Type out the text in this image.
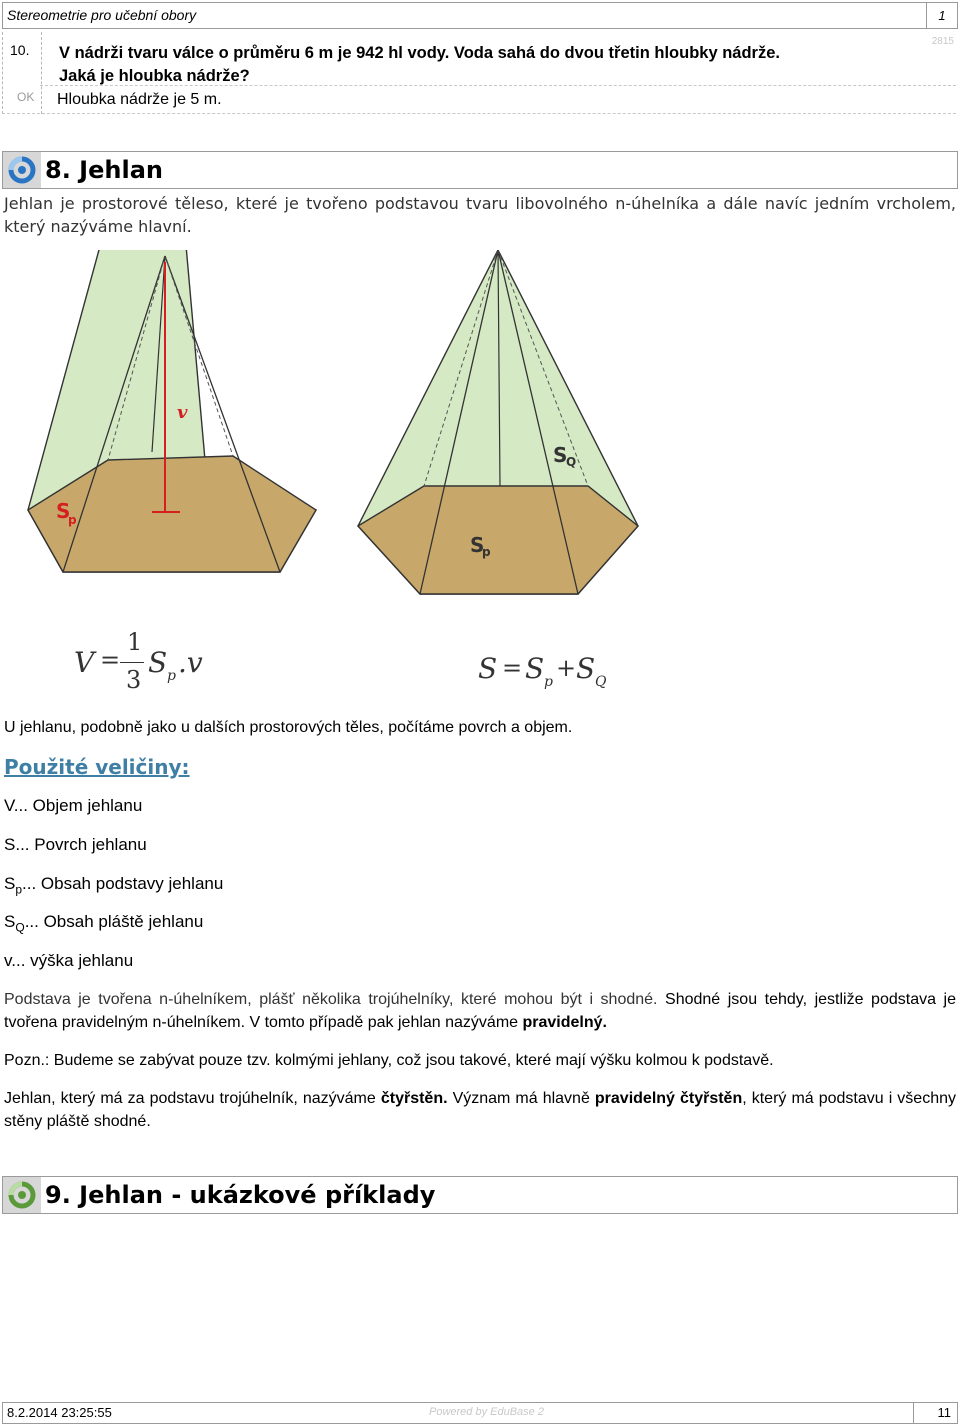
Stereometrie pro učební obory	1
10.
OK
V nádrži tvaru válce o průměru 6 m je 942 hl vody. Voda sahá do dvou třetin hloubky nádrže.
Jaká je hloubka nádrže?
2815
Hloubka nádrže je 5 m.
8. Jehlan
Jehlan je prostorové těleso, které je tvořeno podstavou tvaru libovolného n-úhelníka a dále navíc jedním vrcholem, který nazýváme hlavní.
v
S
p
S
Q
S
p
V =
1
3
S p .v	S = S p + S Q
U jehlanu, podobně jako u dalších prostorových těles, počítáme povrch a objem.
Použité veličiny:
V... Objem jehlanu
S... Povrch jehlanu
$S_p$... Obsah podstavy jehlanu
$S_Q$... Obsah pláště jehlanu
v... výška jehlanu
Podstava je tvořena n-úhelníkem, plášť několika trojúhelníky, které mohou být i shodné. Shodné jsou tehdy, jestliže podstava je tvořena pravidelným n-úhelníkem. V tomto případě pak jehlan nazýváme pravidelný.
Pozn.: Budeme se zabývat pouze tzv. kolmými jehlany, což jsou takové, které mají výšku kolmou k podstavě.
Jehlan, který má za podstavu trojúhelník, nazýváme čtyřstěn. Význam má hlavně pravidelný čtyřstěn, který má podstavu i všechny stěny pláště shodné.
9. Jehlan - ukázkové příklady
8.2.2014 23:25:55	Powered by EduBase 2	11
